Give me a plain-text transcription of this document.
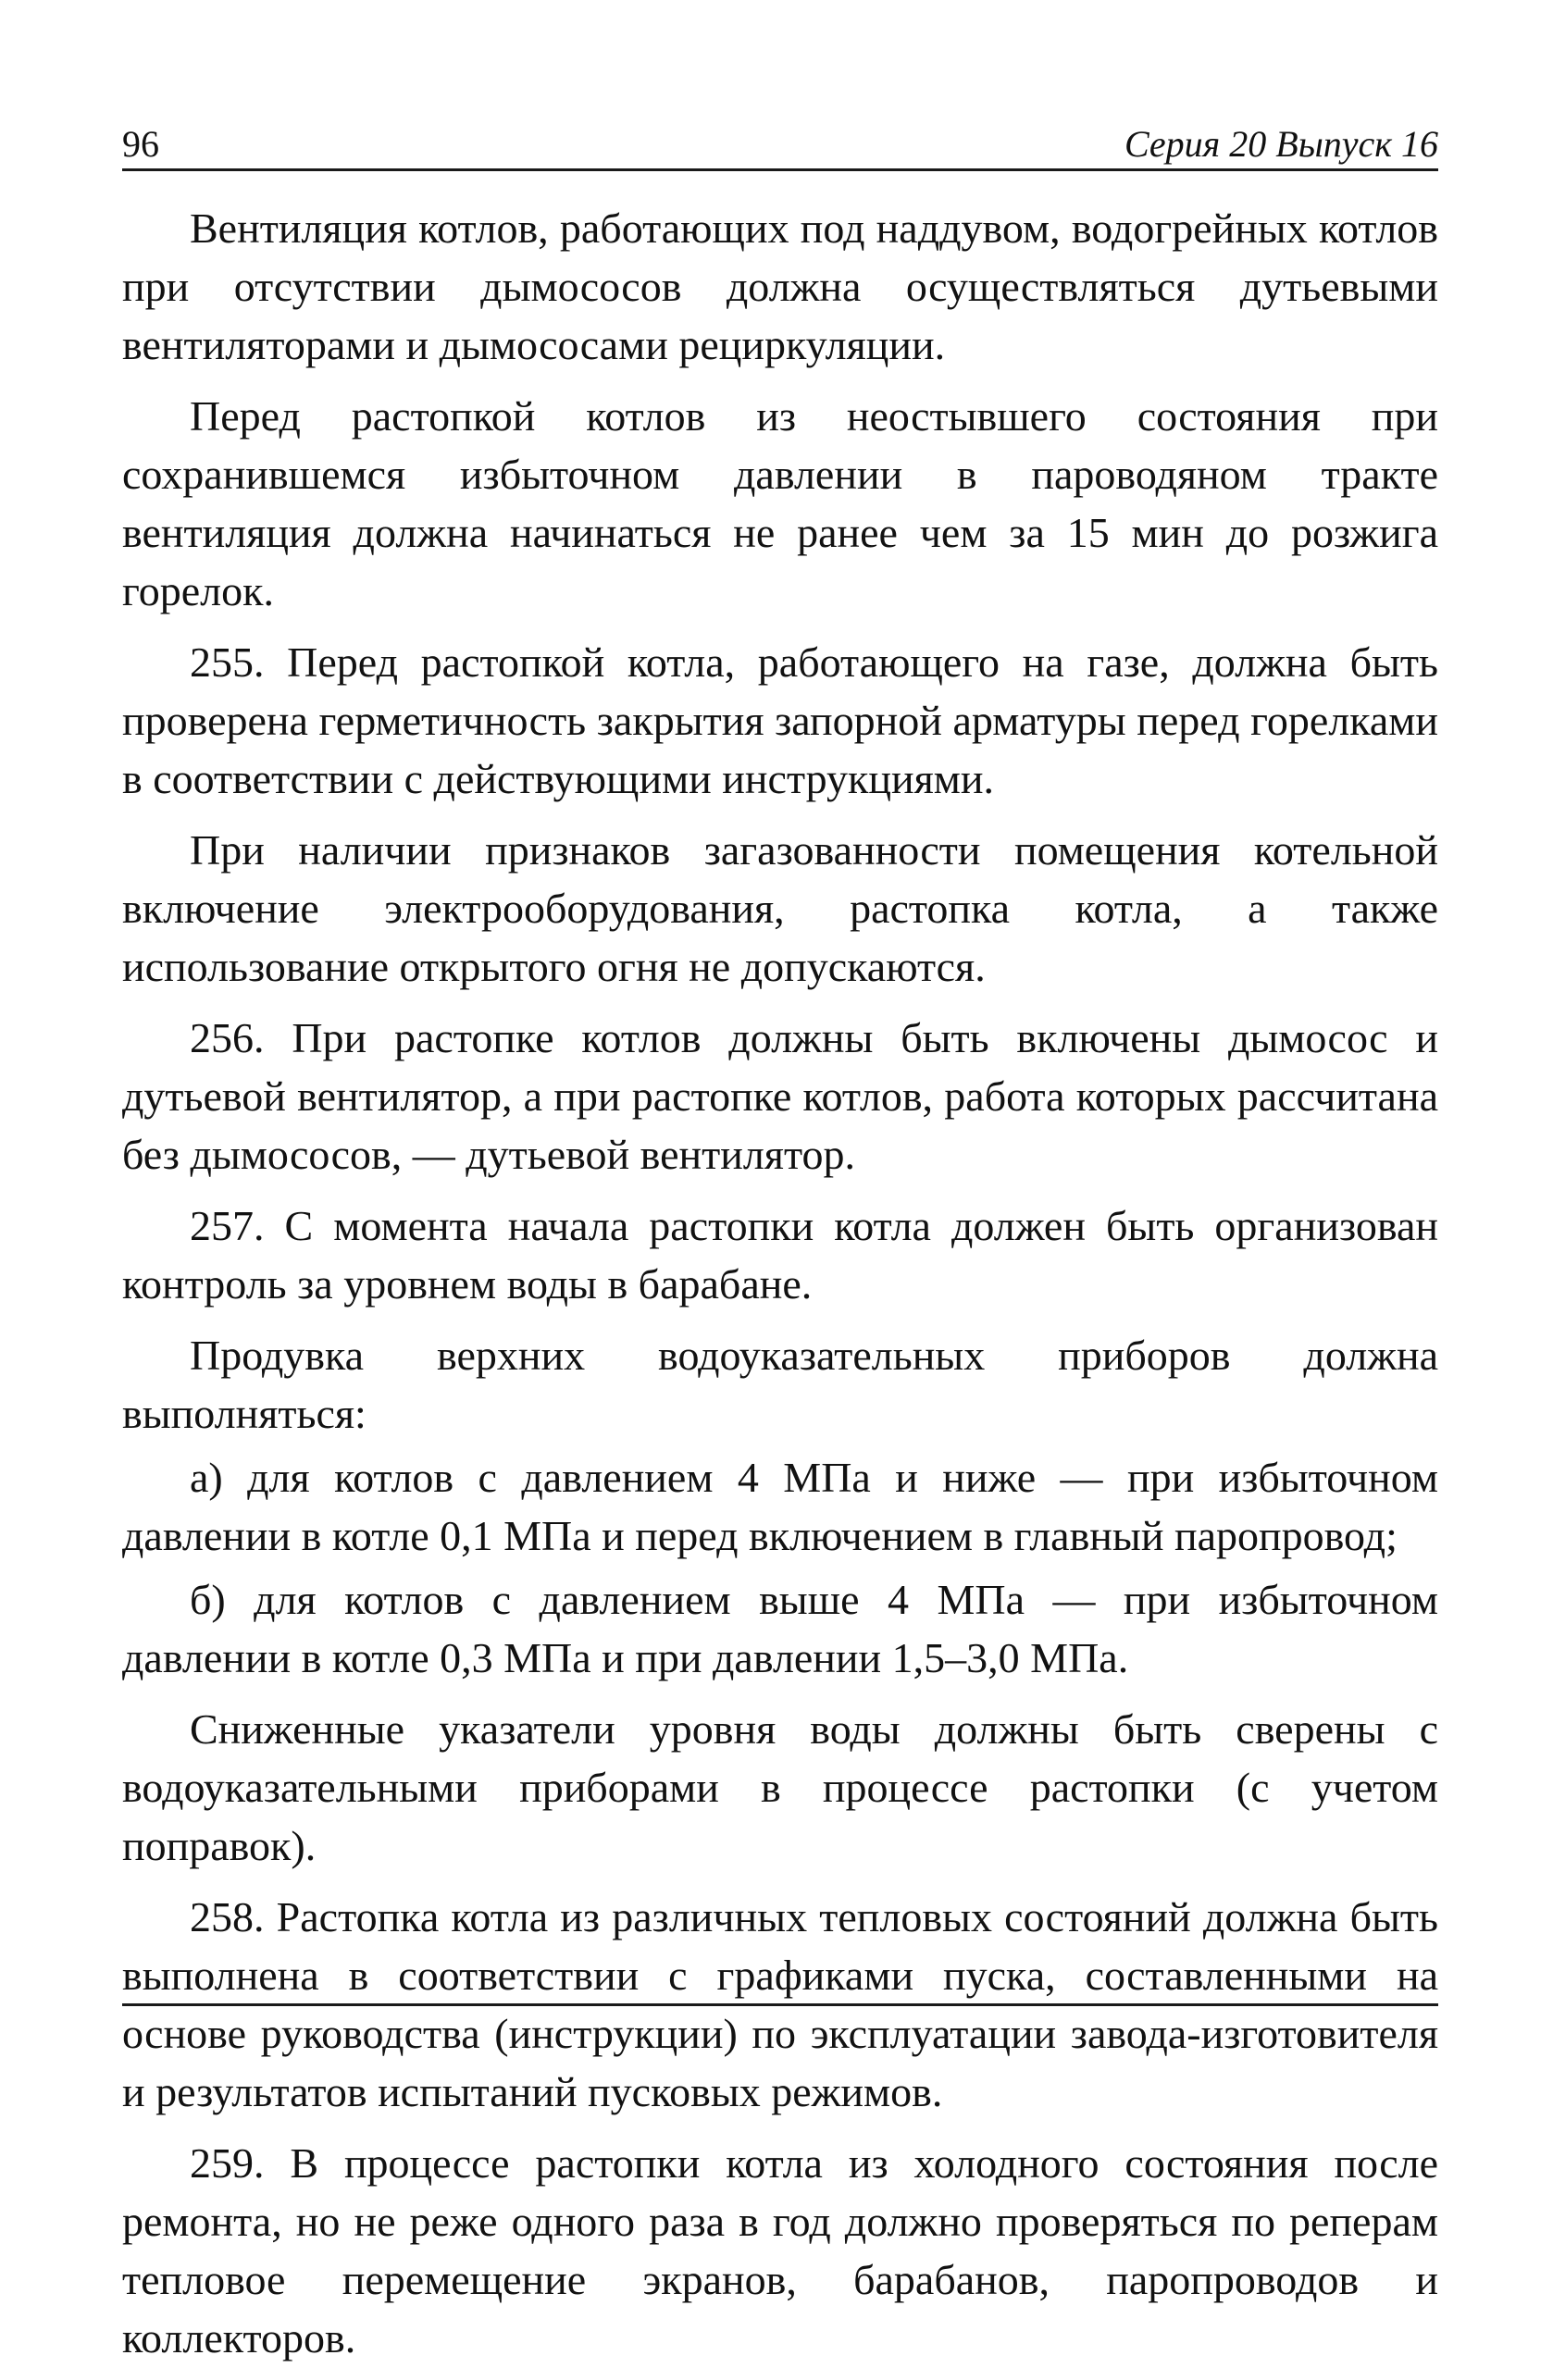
96	Серия 20 Выпуск 16

Вентиляция котлов, работающих под наддувом, водогрейных котлов при отсутствии дымососов должна осуществляться дутьевыми вентиляторами и дымососами рециркуляции.

Перед растопкой котлов из неостывшего состояния при сохранившемся избыточном давлении в пароводяном тракте вентиляция должна начинаться не ранее чем за 15 мин до розжига горелок.

255. Перед растопкой котла, работающего на газе, должна быть проверена герметичность закрытия запорной арматуры перед горелками в соответствии с действующими инструкциями.

При наличии признаков загазованности помещения котельной включение электрооборудования, растопка котла, а также использование открытого огня не допускаются.

256. При растопке котлов должны быть включены дымосос и дутьевой вентилятор, а при растопке котлов, работа которых рассчитана без дымососов, — дутьевой вентилятор.

257. С момента начала растопки котла должен быть организован контроль за уровнем воды в барабане.

Продувка верхних водоуказательных приборов должна выполняться:

а) для котлов с давлением 4 МПа и ниже — при избыточном давлении в котле 0,1 МПа и перед включением в главный паропровод;

б) для котлов с давлением выше 4 МПа — при избыточном давлении в котле 0,3 МПа и при давлении 1,5–3,0 МПа.

Сниженные указатели уровня воды должны быть сверены с водоуказательными приборами в процессе растопки (с учетом поправок).

258. Растопка котла из различных тепловых состояний должна быть выполнена в соответствии с графиками пуска, составленными на основе руководства (инструкции) по эксплуатации завода-изготовителя и результатов испытаний пусковых режимов.

259. В процессе растопки котла из холодного состояния после ремонта, но не реже одного раза в год должно проверяться по реперам тепловое перемещение экранов, барабанов, паропроводов и коллекторов.
